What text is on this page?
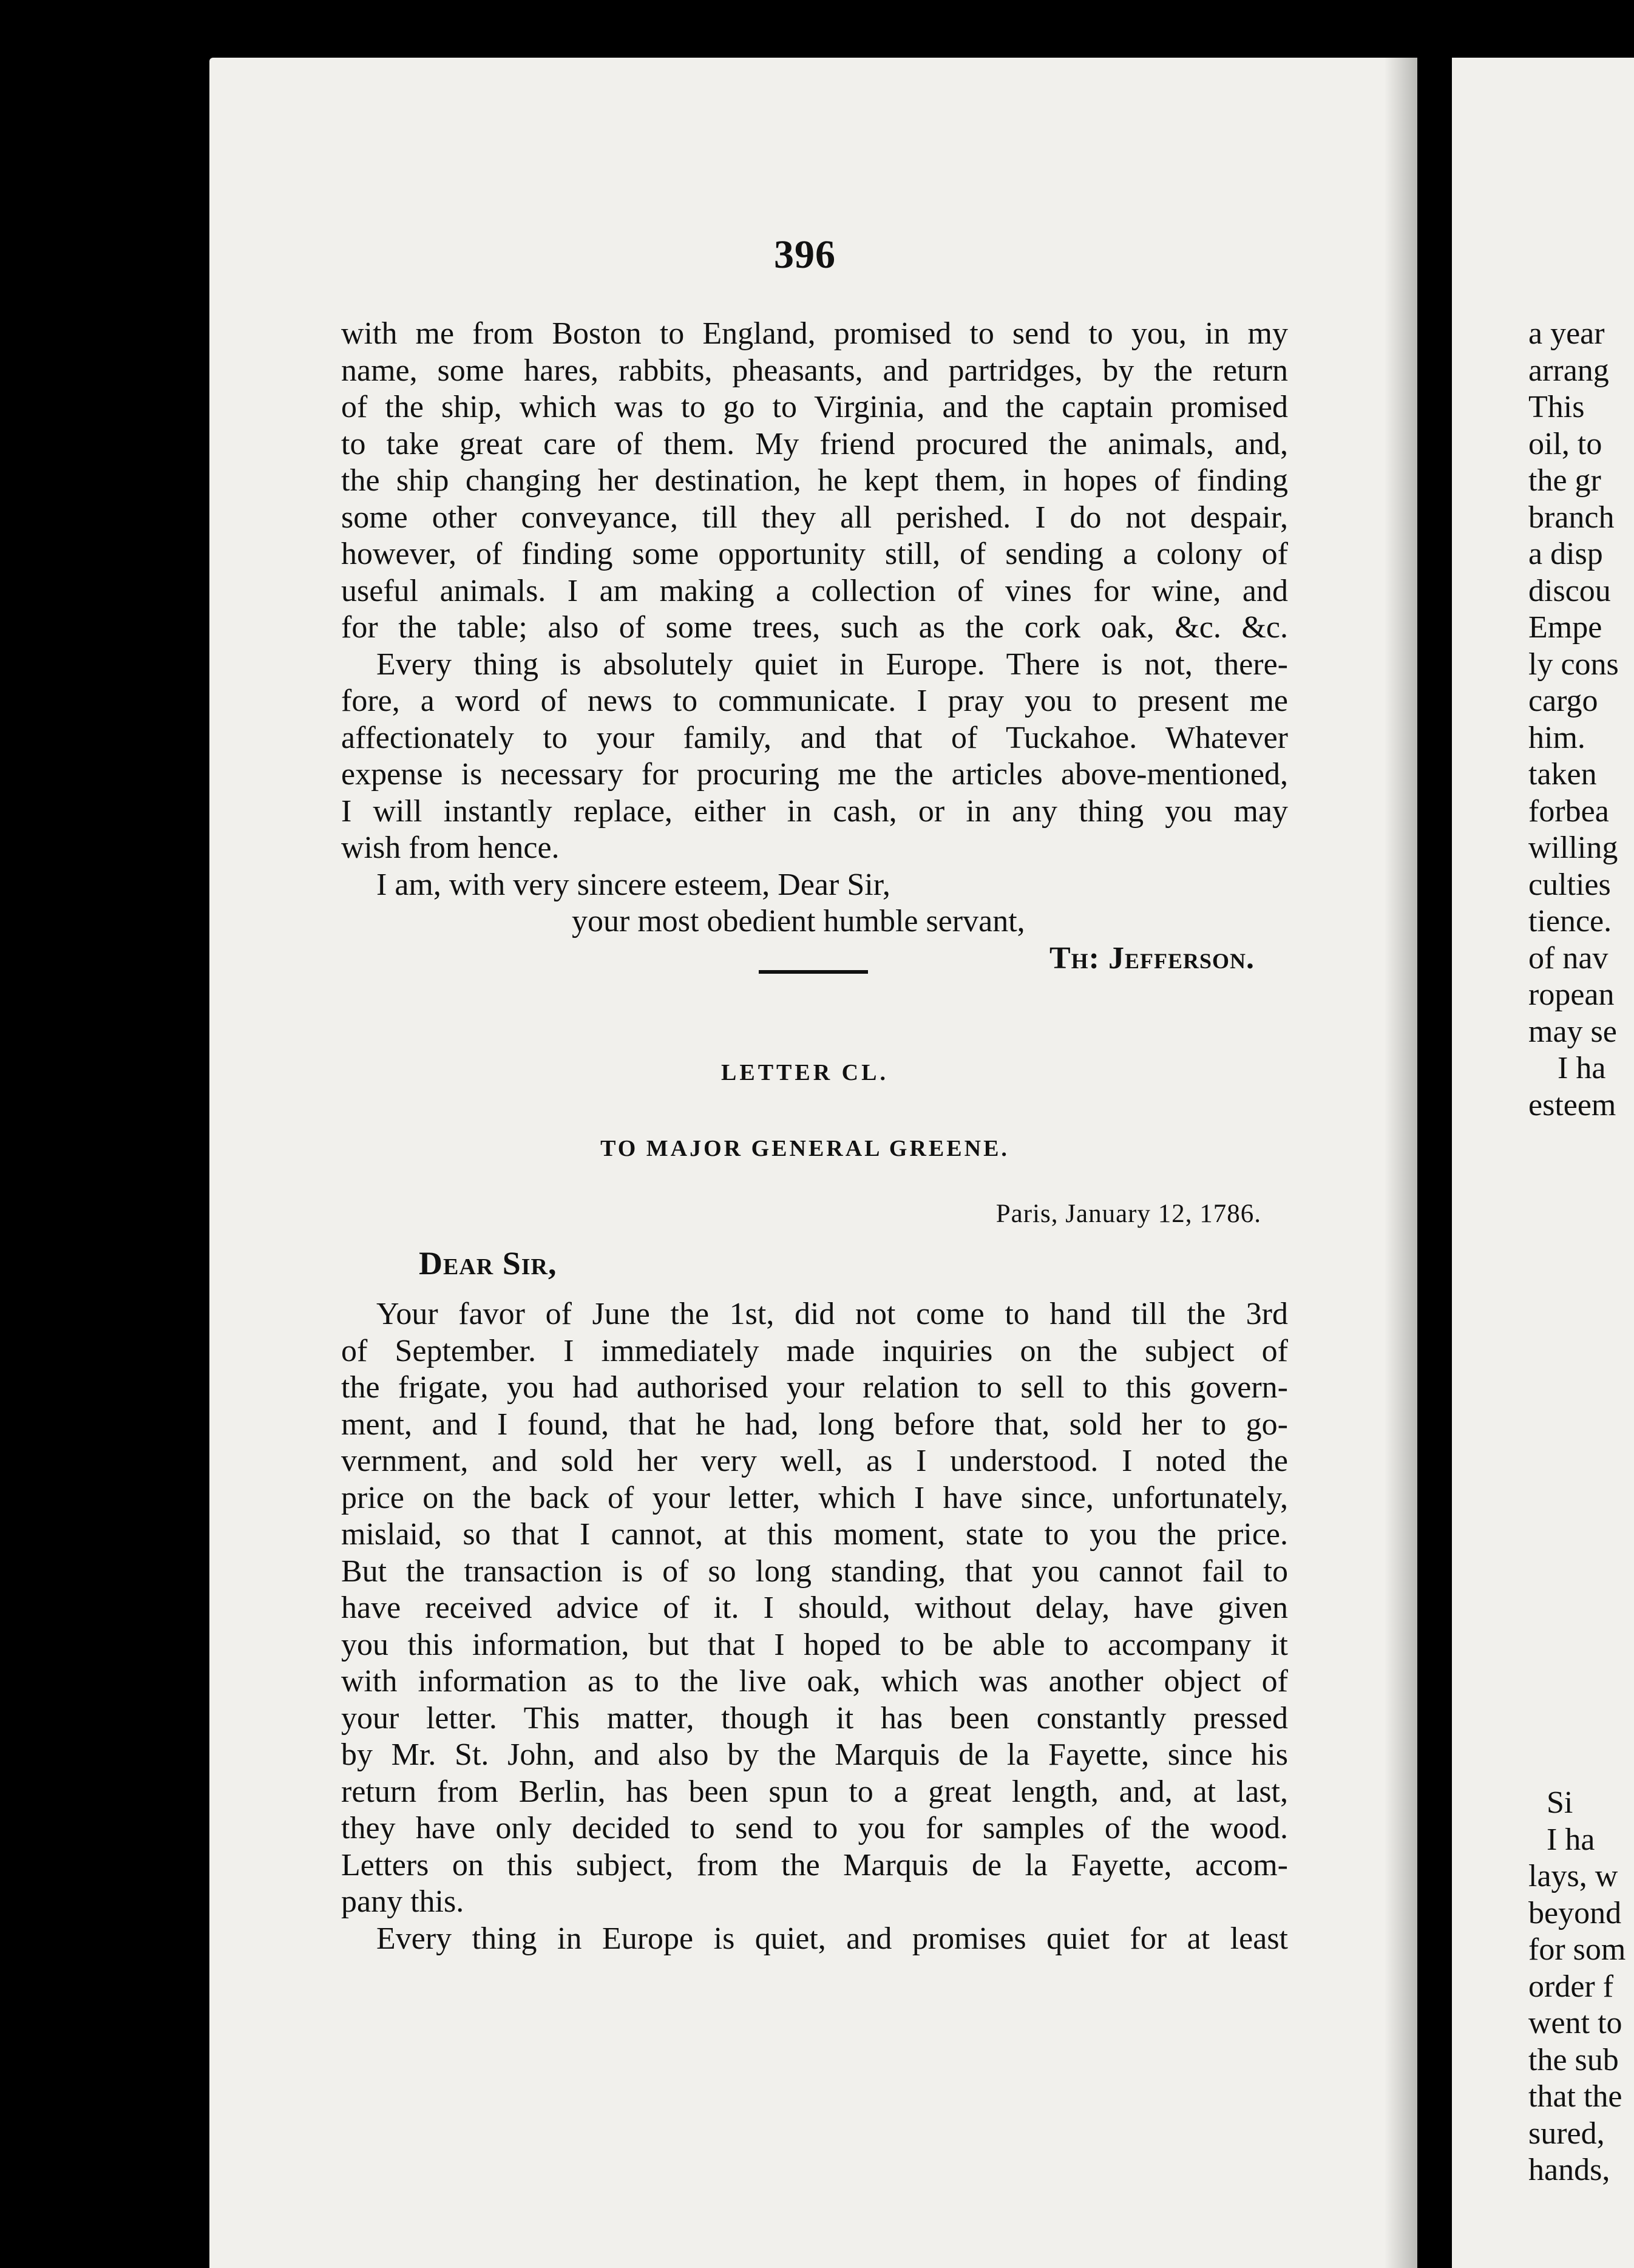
396
with me from Boston to England, promised to send to you, in my
name, some hares, rabbits, pheasants, and partridges, by the return
of the ship, which was to go to Virginia, and the captain promised
to take great care of them. My friend procured the animals, and,
the ship changing her destination, he kept them, in hopes of finding
some other conveyance, till they all perished. I do not despair,
however, of finding some opportunity still, of sending a colony of
useful animals. I am making a collection of vines for wine, and
for the table; also of some trees, such as the cork oak, &c. &c.
Every thing is absolutely quiet in Europe. There is not, there-
fore, a word of news to communicate. I pray you to present me
affectionately to your family, and that of Tuckahoe. Whatever
expense is necessary for procuring me the articles above-mentioned,
I will instantly replace, either in cash, or in any thing you may
wish from hence.
I am, with very sincere esteem, Dear Sir,
your most obedient humble servant,
Th: Jefferson.
LETTER CL.
TO MAJOR GENERAL GREENE.
Paris, January 12, 1786.
Dear Sir,
Your favor of June the 1st, did not come to hand till the 3rd
of September. I immediately made inquiries on the subject of
the frigate, you had authorised your relation to sell to this govern-
ment, and I found, that he had, long before that, sold her to go-
vernment, and sold her very well, as I understood. I noted the
price on the back of your letter, which I have since, unfortunately,
mislaid, so that I cannot, at this moment, state to you the price.
But the transaction is of so long standing, that you cannot fail to
have received advice of it. I should, without delay, have given
you this information, but that I hoped to be able to accompany it
with information as to the live oak, which was another object of
your letter. This matter, though it has been constantly pressed
by Mr. St. John, and also by the Marquis de la Fayette, since his
return from Berlin, has been spun to a great length, and, at last,
they have only decided to send to you for samples of the wood.
Letters on this subject, from the Marquis de la Fayette, accom-
pany this.
Every thing in Europe is quiet, and promises quiet for at least
a year
arrang
This
oil, to
the gr
branch
a disp
discou
Empe
ly cons
cargo
him.
taken
forbea
willing
culties
tience.
of nav
ropean
may se
I ha
esteem
Si
I ha
lays, w
beyond
for som
order f
went to
the sub
that the
sured,
hands,
